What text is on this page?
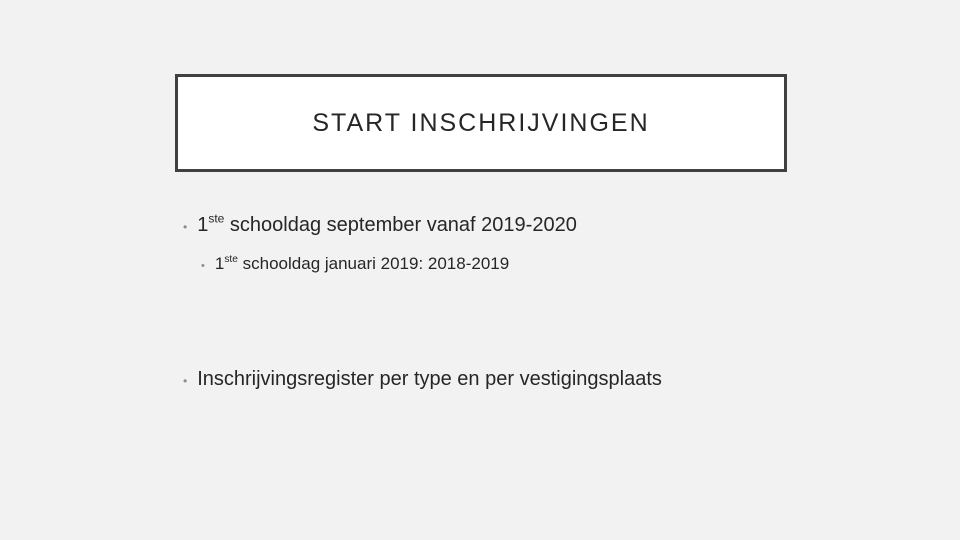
START INSCHRIJVINGEN
• 1ste schooldag september vanaf 2019-2020
• 1ste schooldag januari 2019: 2018-2019
• Inschrijvingsregister per type en per vestigingsplaats
